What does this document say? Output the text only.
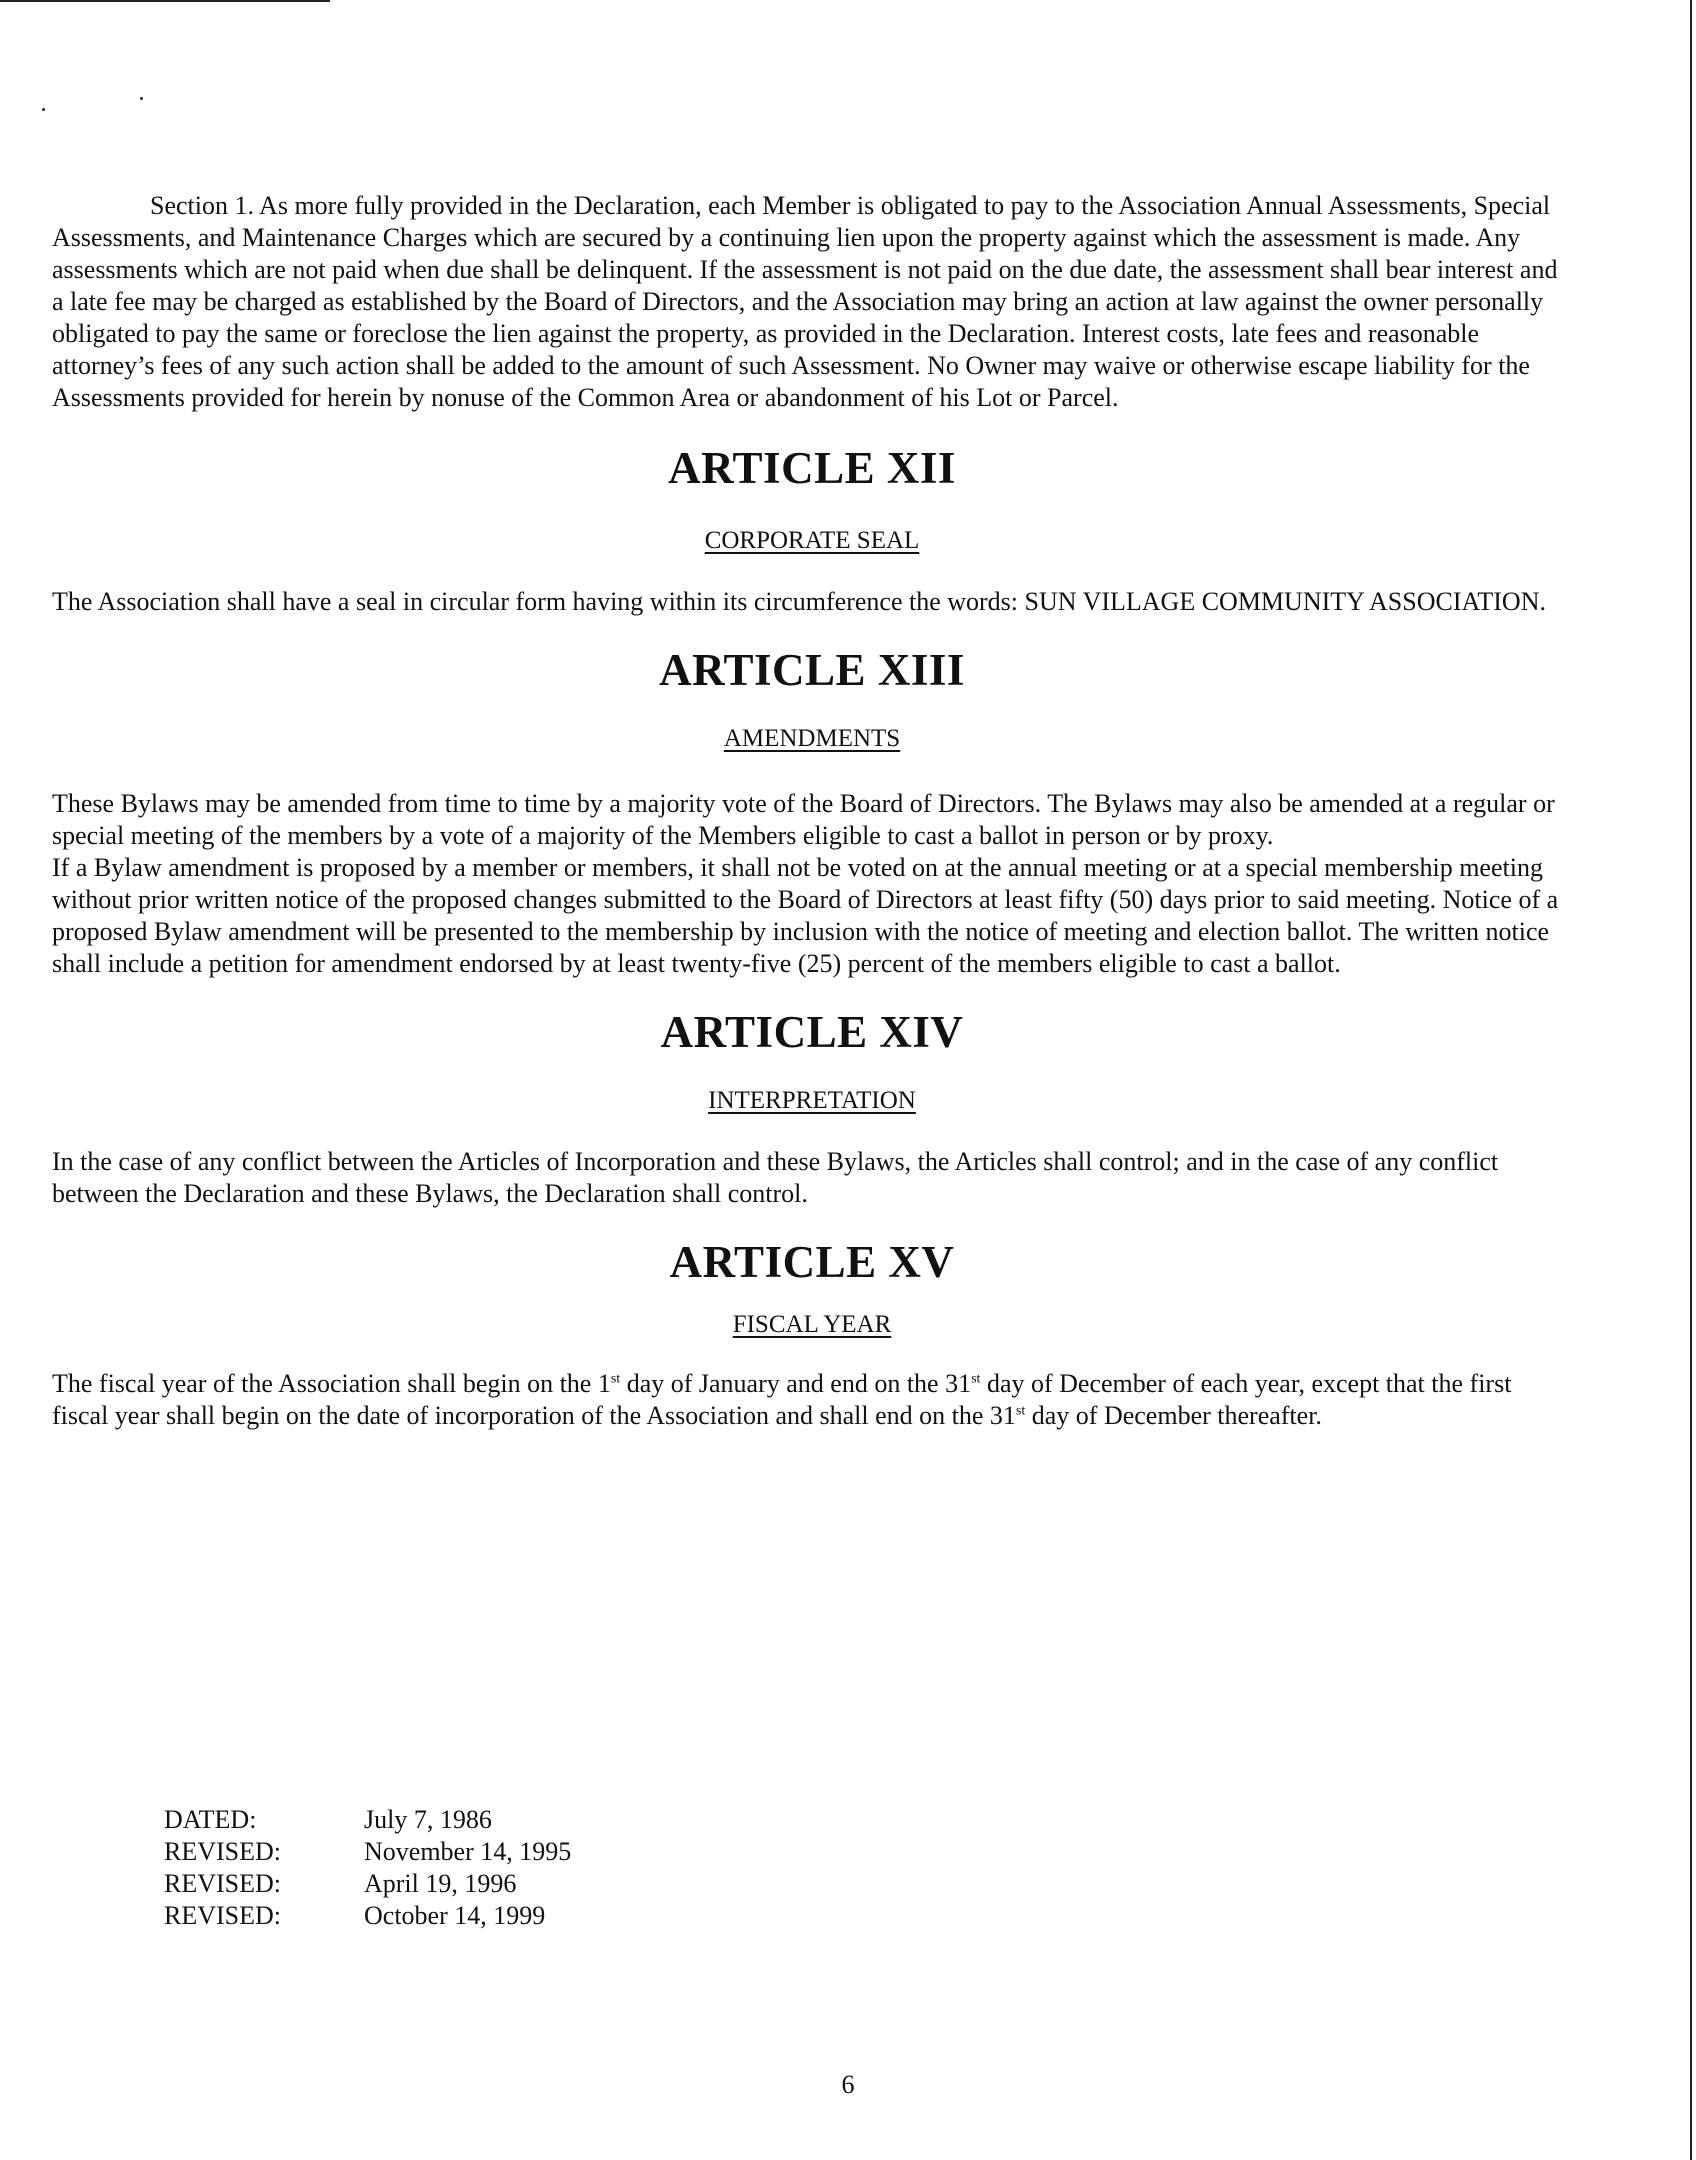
Section 1. As more fully provided in the Declaration, each Member is obligated to pay to the Association Annual Assessments, Special Assessments, and Maintenance Charges which are secured by a continuing lien upon the property against which the assessment is made. Any assessments which are not paid when due shall be delinquent. If the assessment is not paid on the due date, the assessment shall bear interest and a late fee may be charged as established by the Board of Directors, and the Association may bring an action at law against the owner personally obligated to pay the same or foreclose the lien against the property, as provided in the Declaration. Interest costs, late fees and reasonable attorney’s fees of any such action shall be added to the amount of such Assessment. No Owner may waive or otherwise escape liability for the Assessments provided for herein by nonuse of the Common Area or abandonment of his Lot or Parcel.

ARTICLE XII
CORPORATE SEAL

The Association shall have a seal in circular form having within its circumference the words: SUN VILLAGE COMMUNITY ASSOCIATION.

ARTICLE XIII
AMENDMENTS

These Bylaws may be amended from time to time by a majority vote of the Board of Directors. The Bylaws may also be amended at a regular or special meeting of the members by a vote of a majority of the Members eligible to cast a ballot in person or by proxy.

If a Bylaw amendment is proposed by a member or members, it shall not be voted on at the annual meeting or at a special membership meeting without prior written notice of the proposed changes submitted to the Board of Directors at least fifty (50) days prior to said meeting. Notice of a proposed Bylaw amendment will be presented to the membership by inclusion with the notice of meeting and election ballot. The written notice shall include a petition for amendment endorsed by at least twenty-five (25) percent of the members eligible to cast a ballot.

ARTICLE XIV
INTERPRETATION

In the case of any conflict between the Articles of Incorporation and these Bylaws, the Articles shall control; and in the case of any conflict between the Declaration and these Bylaws, the Declaration shall control.

ARTICLE XV
FISCAL YEAR

The fiscal year of the Association shall begin on the 1st day of January and end on the 31st day of December of each year, except that the first fiscal year shall begin on the date of incorporation of the Association and shall end on the 31st day of December thereafter.

DATED:	July 7, 1986
REVISED:	November 14, 1995
REVISED:	April 19, 1996
REVISED:	October 14, 1999
6
